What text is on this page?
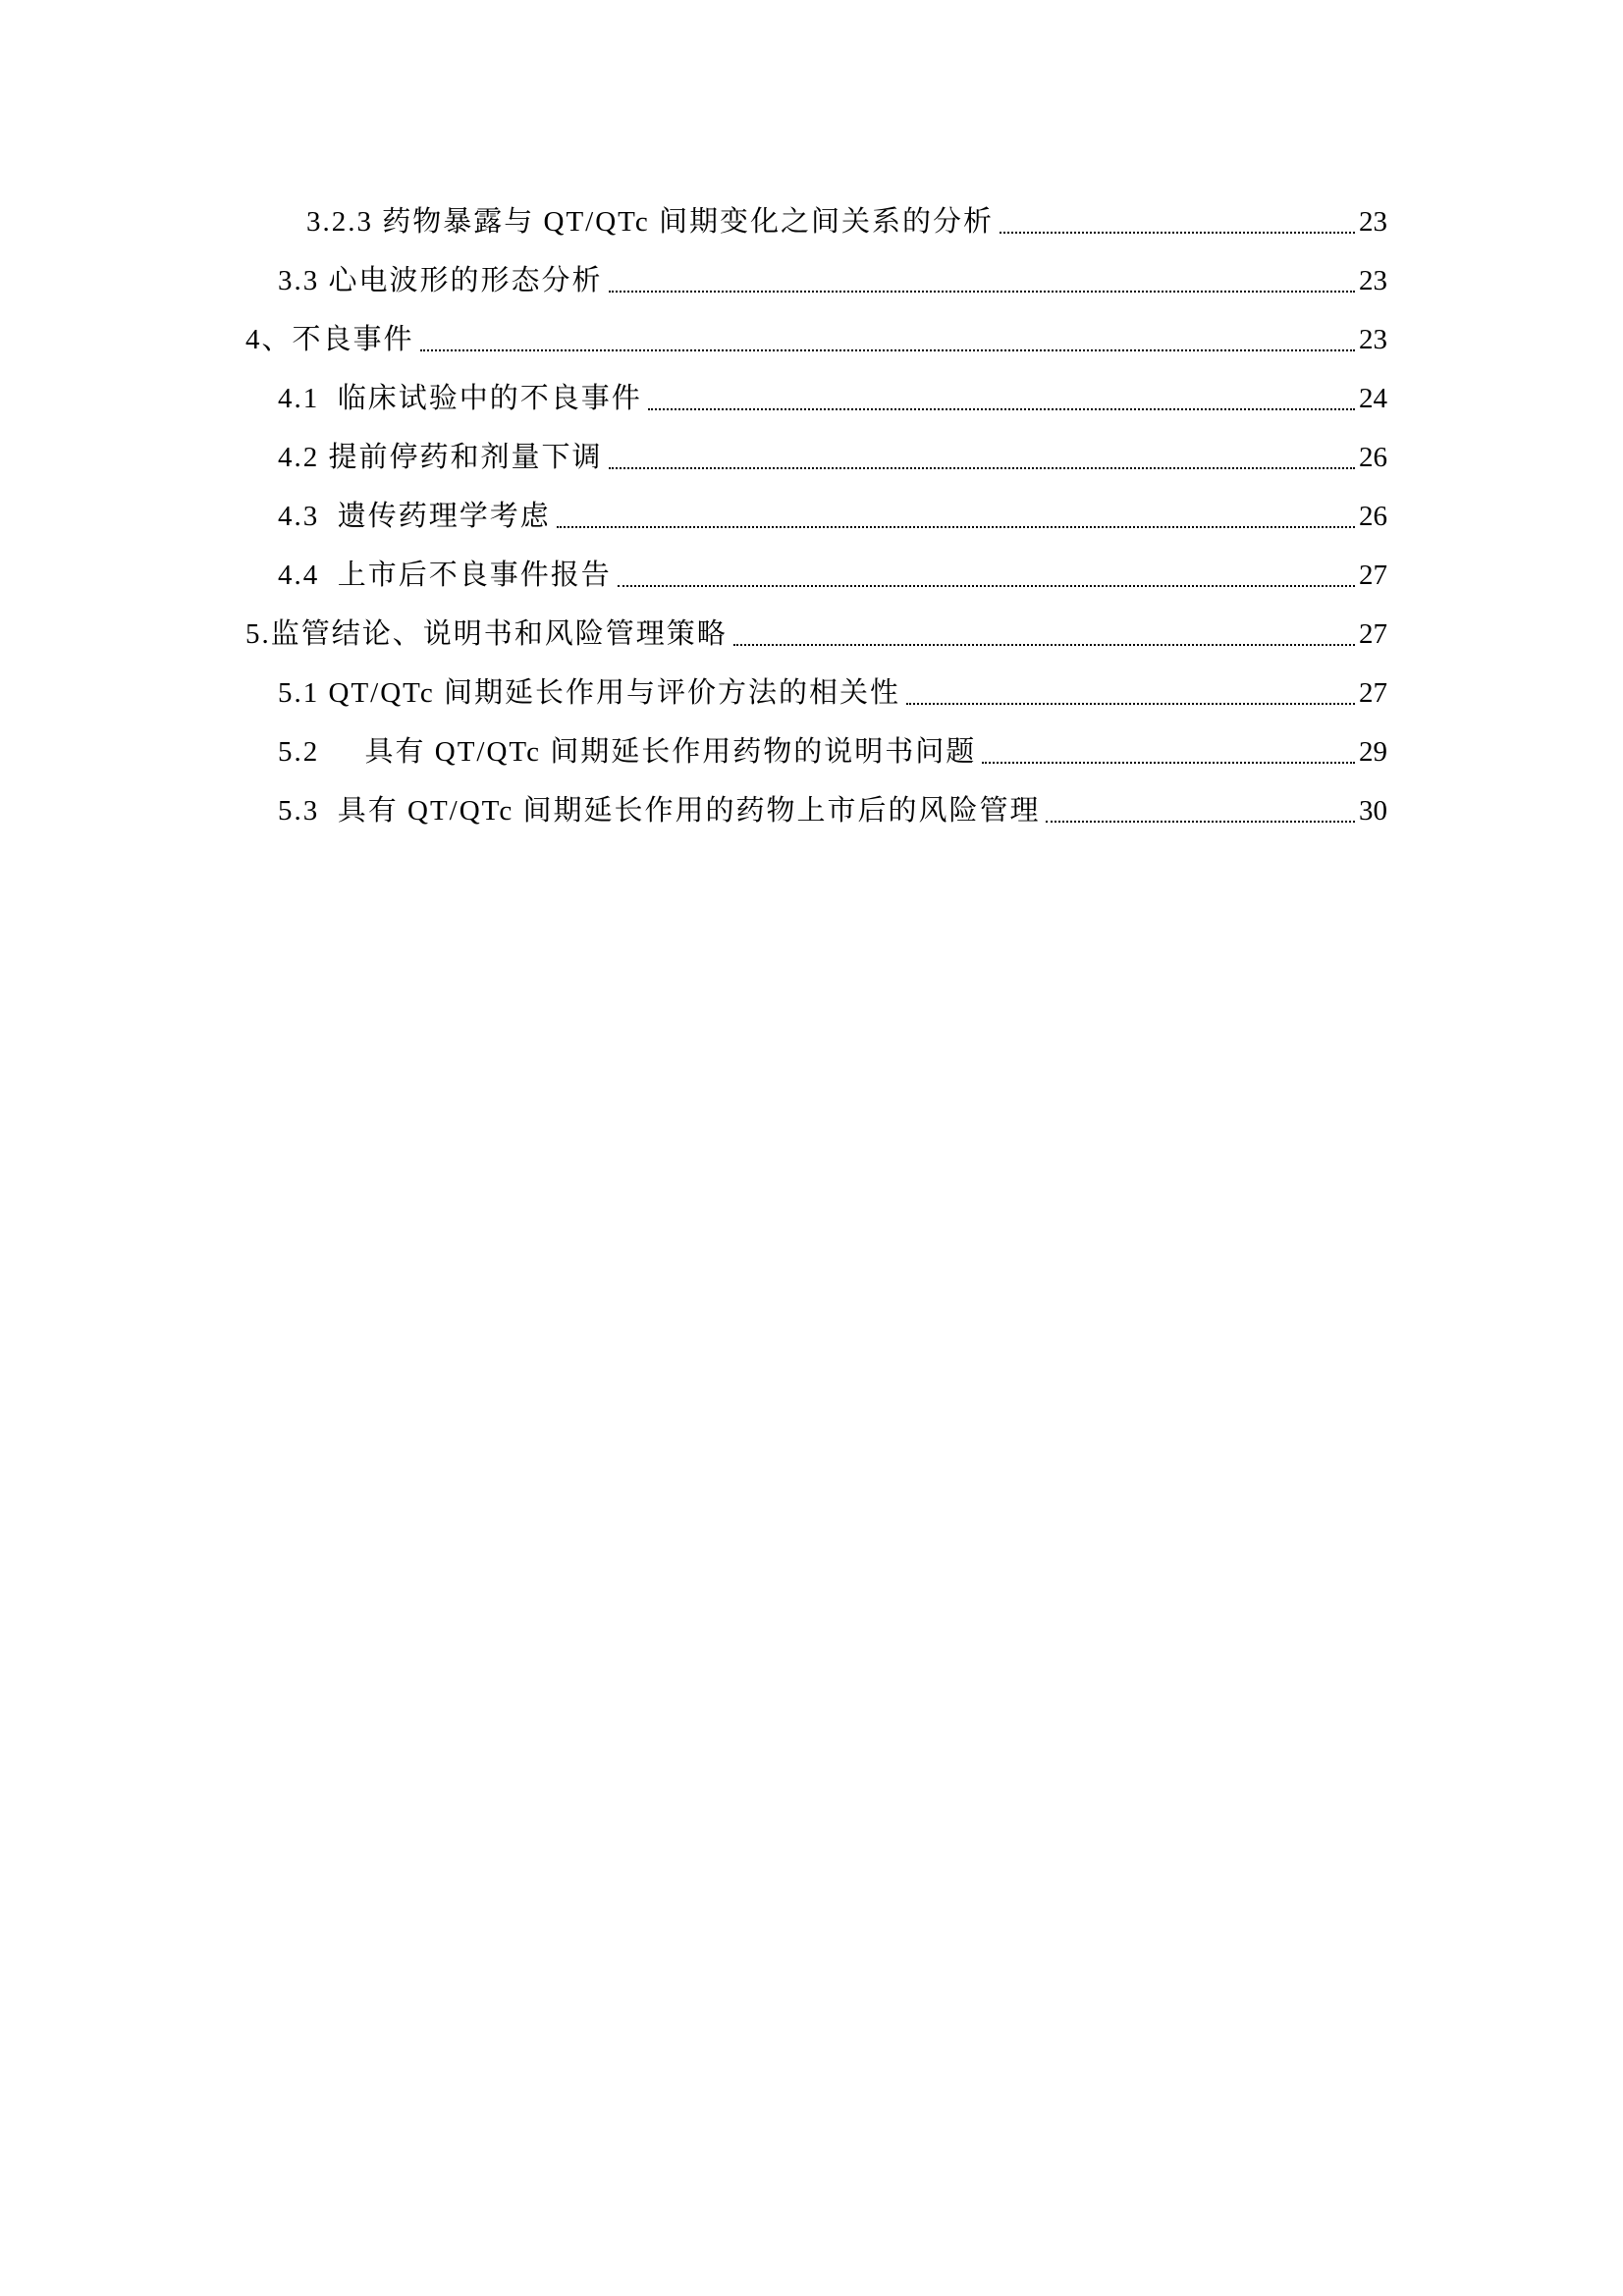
3.2.3 药物暴露与 QT/QTc 间期变化之间关系的分析	23
3.3 心电波形的形态分析	23
4、不良事件	23
4.1  临床试验中的不良事件	24
4.2 提前停药和剂量下调	26
4.3  遗传药理学考虑	26
4.4  上市后不良事件报告	27
5.监管结论、说明书和风险管理策略	27
5.1 QT/QTc 间期延长作用与评价方法的相关性	27
5.2     具有 QT/QTc 间期延长作用药物的说明书问题	29
5.3  具有 QT/QTc 间期延长作用的药物上市后的风险管理	30
